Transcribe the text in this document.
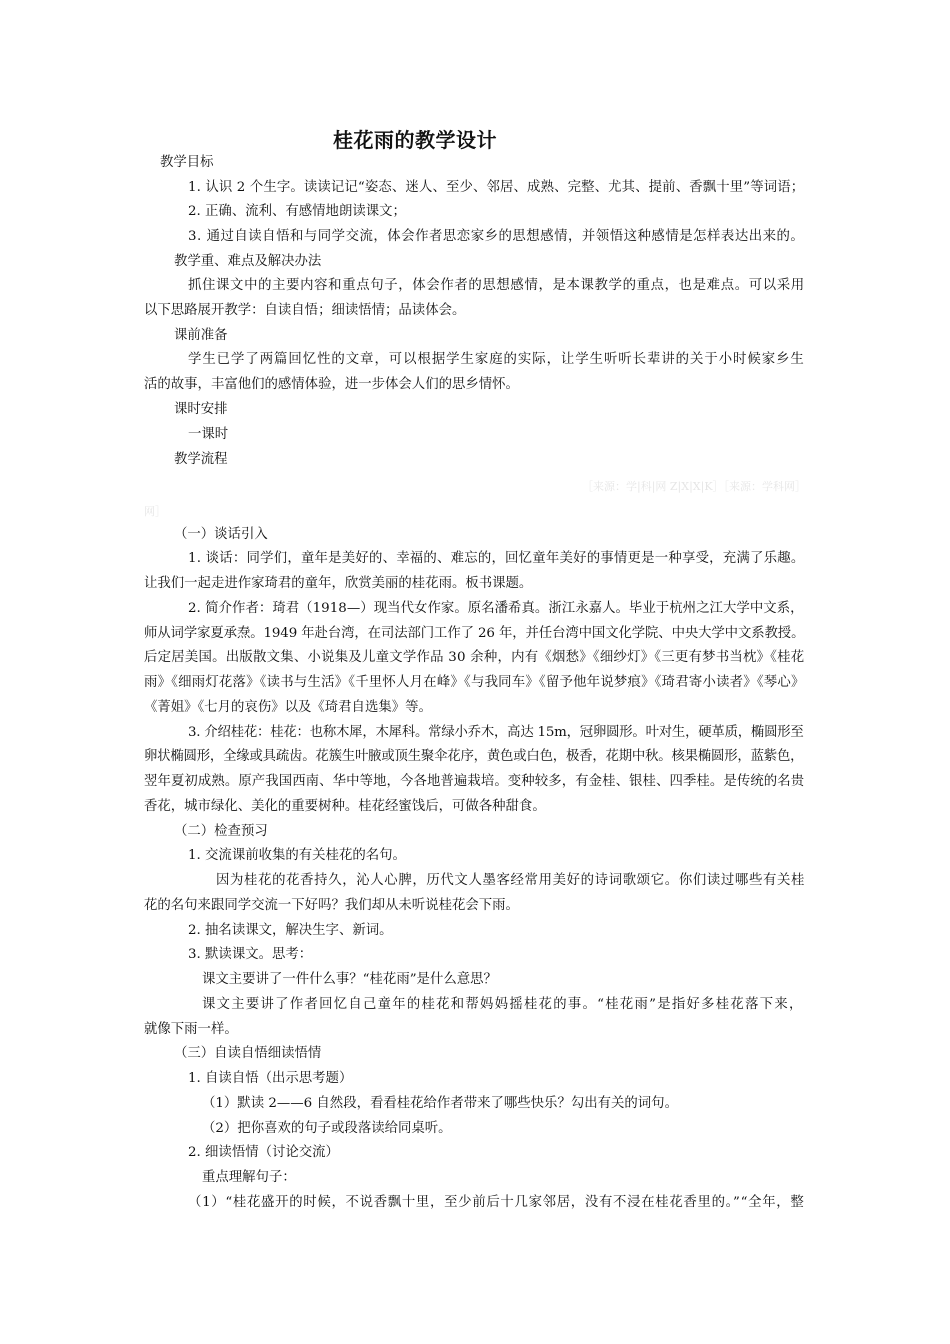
桂花雨的教学设计
教学目标
1. 认识 2 个生字。读读记记“姿态、迷人、至少、邻居、成熟、完整、尤其、提前、香飘十里”等词语；
2. 正确、流利、有感情地朗读课文；
3. 通过自读自悟和与同学交流，体会作者思恋家乡的思想感情，并领悟这种感情是怎样表达出来的。
教学重、难点及解决办法
抓住课文中的主要内容和重点句子，体会作者的思想感情，是本课教学的重点，也是难点。可以采用
以下思路展开教学：自读自悟；细读悟情；品读体会。
课前准备
学生已学了两篇回忆性的文章，可以根据学生家庭的实际，让学生听听长辈讲的关于小时候家乡生
活的故事，丰富他们的感情体验，进一步体会人们的思乡情怀。
课时安排
一课时
教学流程
（一）谈话引入
1. 谈话：同学们，童年是美好的、幸福的、难忘的，回忆童年美好的事情更是一种享受，充满了乐趣。
让我们一起走进作家琦君的童年，欣赏美丽的桂花雨。板书课题。
2. 简介作者：琦君（1918—）现当代女作家。原名潘希真。浙江永嘉人。毕业于杭州之江大学中文系，
师从词学家夏承焘。1949 年赴台湾，在司法部门工作了 26 年，并任台湾中国文化学院、中央大学中文系教授。
后定居美国。出版散文集、小说集及儿童文学作品 30 余种，内有《烟愁》《细纱灯》《三更有梦书当枕》《桂花
雨》《细雨灯花落》《读书与生活》《千里怀人月在峰》《与我同车》《留予他年说梦痕》《琦君寄小读者》《琴心》
《菁姐》《七月的哀伤》以及《琦君自选集》等。
3. 介绍桂花：桂花：也称木犀，木犀科。常绿小乔木，高达 15m，冠卵圆形。叶对生，硬革质，椭圆形至
卵状椭圆形，全缘或具疏齿。花簇生叶腋或顶生聚伞花序，黄色或白色，极香，花期中秋。核果椭圆形，蓝紫色，
翌年夏初成熟。原产我国西南、华中等地，今各地普遍栽培。变种较多，有金桂、银桂、四季桂。是传统的名贵
香花，城市绿化、美化的重要树种。桂花经蜜饯后，可做各种甜食。
（二）检查预习
1. 交流课前收集的有关桂花的名句。
因为桂花的花香持久，沁人心脾，历代文人墨客经常用美好的诗词歌颂它。你们读过哪些有关桂
花的名句来跟同学交流一下好吗？我们却从未听说桂花会下雨。
2. 抽名读课文，解决生字、新词。
3. 默读课文。思考：
课文主要讲了一件什么事？“桂花雨”是什么意思？
课文主要讲了作者回忆自己童年的桂花和帮妈妈摇桂花的事。“桂花雨”是指好多桂花落下来，
就像下雨一样。
（三）自读自悟细读悟情
1. 自读自悟（出示思考题）
（1）默读 2——6 自然段，看看桂花给作者带来了哪些快乐？勾出有关的词句。
（2）把你喜欢的句子或段落读给同桌听。
2. 细读悟情（讨论交流）
重点理解句子：
（1）“桂花盛开的时候，不说香飘十里，至少前后十几家邻居，没有不浸在桂花香里的。”“全年，整
［来源：学|科|网 Z|X|X|K］［来源：学科网］
网］
